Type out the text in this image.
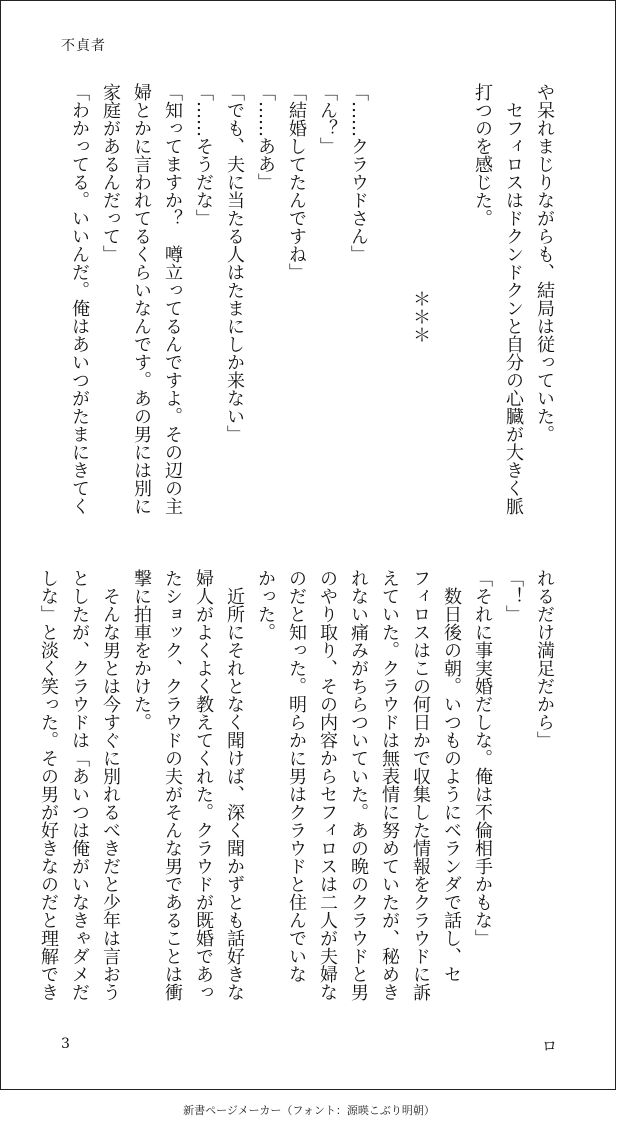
不貞者

や呆れまじりながらも、結局は従っていた。

セフィロスはドクンドクンと自分の心臓が大きく脈

打つのを感じた。

＊＊＊

「……クラウドさん」

「ん？」

「結婚してたんですね」

「……ああ」

「でも、夫に当たる人はたまにしか来ない」

「……そうだな」

「知ってますか？　噂立ってるんですよ。その辺の主

婦とかに言われてるくらいなんです。あの男には別に

家庭があるんだって」

「わかってる。いいんだ。俺はあいつがたまにきてく

れるだけ満足だから」

「！」

「それに事実婚だしな。俺は不倫相手かもな」

数日後の朝。いつものようにベランダで話し、セ

フィロスはこの何日かで収集した情報をクラウドに訴

えていた。クラウドは無表情に努めていたが、秘めき

れない痛みがちらついていた。あの晩のクラウドと男

のやり取り、その内容からセフィロスは二人が夫婦な

のだと知った。明らかに男はクラウドと住んでいな

かった。

近所にそれとなく聞けば、深く聞かずとも話好きな

婦人がよくよく教えてくれた。クラウドが既婚であっ

たショック、クラウドの夫がそんな男であることは衝

撃に拍車をかけた。

そんな男とは今すぐに別れるべきだと少年は言おう

としたが、クラウドは「あいつは俺がいなきゃダメだ

しな」と淡く笑った。その男が好きなのだと理解でき

3	ロ
新書ページメーカー（フォント：源暎こぶり明朝）
